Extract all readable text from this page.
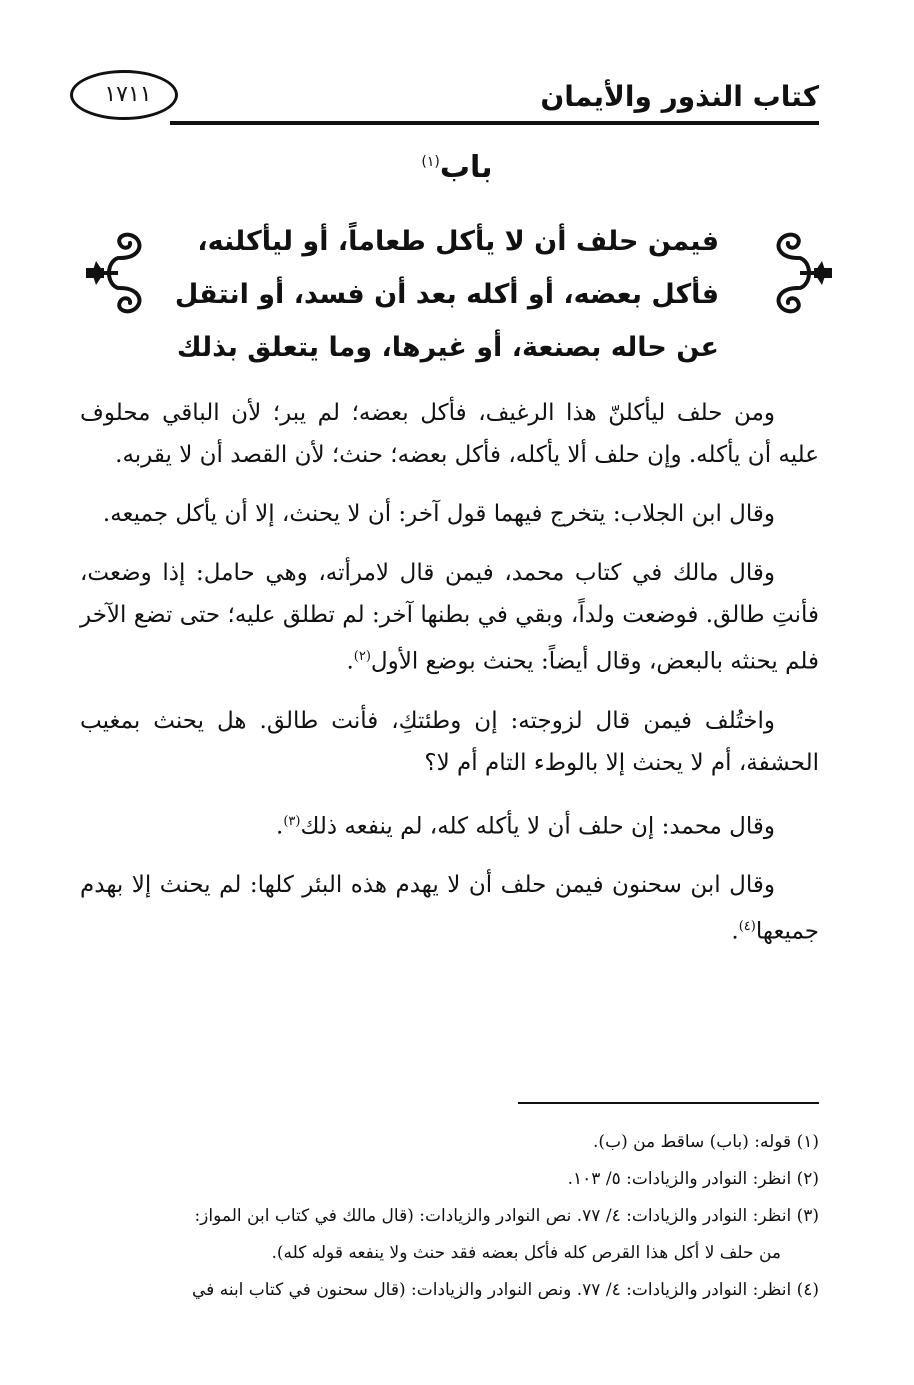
١٧١١	كتاب النذور والأيمان
باب$^{(١)}$
فيمن حلف أن لا يأكل طعاماً، أو ليأكلنه،
فأكل بعضه، أو أكله بعد أن فسد، أو انتقل
عن حاله بصنعة، أو غيرها، وما يتعلق بذلك

ومن حلف ليأكلنّ هذا الرغيف، فأكل بعضه؛ لم يبر؛ لأن الباقي محلوف عليه أن يأكله. وإن حلف ألا يأكله، فأكل بعضه؛ حنث؛ لأن القصد أن لا يقربه.

وقال ابن الجلاب: يتخرج فيهما قول آخر: أن لا يحنث، إلا أن يأكل جميعه.

وقال مالك في كتاب محمد، فيمن قال لامرأته، وهي حامل: إذا وضعت، فأنتِ طالق. فوضعت ولداً، وبقي في بطنها آخر: لم تطلق عليه؛ حتى تضع الآخر فلم يحنثه بالبعض، وقال أيضاً: يحنث بوضع الأول$^{(٢)}$.

واختُلف فيمن قال لزوجته: إن وطئتكِ، فأنت طالق. هل يحنث بمغيب الحشفة، أم لا يحنث إلا بالوطء التام أم لا؟

وقال محمد: إن حلف أن لا يأكله كله، لم ينفعه ذلك$^{(٣)}$.

وقال ابن سحنون فيمن حلف أن لا يهدم هذه البئر كلها: لم يحنث إلا بهدم جميعها$^{(٤)}$.

(١) قوله: (باب) ساقط من (ب).

(٢) انظر: النوادر والزيادات: ٥/ ١٠٣.

(٣) انظر: النوادر والزيادات: ٤/ ٧٧. نص النوادر والزيادات: (قال مالك في كتاب ابن المواز:
من حلف لا أكل هذا القرص كله فأكل بعضه فقد حنث ولا ينفعه قوله كله).

(٤) انظر: النوادر والزيادات: ٤/ ٧٧. ونص النوادر والزيادات: (قال سحنون في كتاب ابنه في
